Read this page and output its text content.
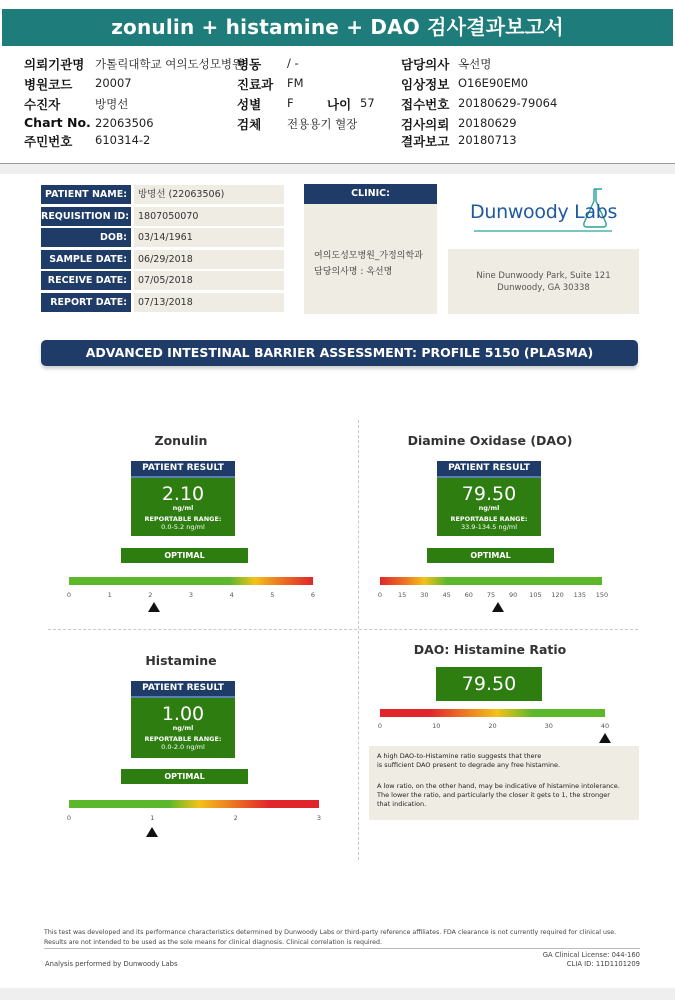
zonulin + histamine + DAO 검사결과보고서
의뢰기관명 가톨릭대학교 여의도성모병원
병원코드 20007
수진자	방명선
Chart No. 22063506
주민번호 610314-2
병동 / -
진료과 FM
성별 F	나이 57
검체 전용용기 혈장
담당의사 옥선명
임상정보 O16E90EM0
접수번호 20180629-79064
검사의뢰 20180629
결과보고 20180713
PATIENT NAME:	방명선 (22063506)
REQUISITION ID: 1807050070
DOB:	03/14/1961
SAMPLE DATE:	06/29/2018
RECEIVE DATE:	07/05/2018
REPORT DATE:	07/13/2018
CLINIC:
여의도성모병원_가정의학과
담당의사명 : 옥선명
Dunwoody Labs
Nine Dunwoody Park, Suite 121
Dunwoody, GA 30338
ADVANCED INTESTINAL BARRIER ASSESSMENT: PROFILE 5150 (PLASMA)
Zonulin
PATIENT RESULT
2.10
ng/ml
REPORTABLE RANGE:
0.0-5.2 ng/ml
OPTIMAL
0	1	2	3	4	5	6
Diamine Oxidase (DAO)
PATIENT RESULT
79.50
ng/ml
REPORTABLE RANGE:
33.9-134.5 ng/ml
OPTIMAL
0 15 30 45 60 75 90 105 120 135 150
Histamine
PATIENT RESULT
1.00
ng/ml
REPORTABLE RANGE:
0.0-2.0 ng/ml
OPTIMAL
0	1	2	3
DAO: Histamine Ratio
79.50
0	10	20	30	40
A high DAO-to-Histamine ratio suggests that there
is sufficient DAO present to degrade any free histamine.
A low ratio, on the other hand, may be indicative of histamine intolerance.
The lower the ratio, and particularly the closer it gets to 1, the stronger
that indication.
This test was developed and its performance characteristics determined by Dunwoody Labs or third-party reference affiliates. FDA clearance is not currently required for clinical use.
Results are not intended to be used as the sole means for clinical diagnosis. Clinical correlation is required.
GA Clinical License: 044-160
CLIA ID: 11D1101209
Analysis performed by Dunwoody Labs
